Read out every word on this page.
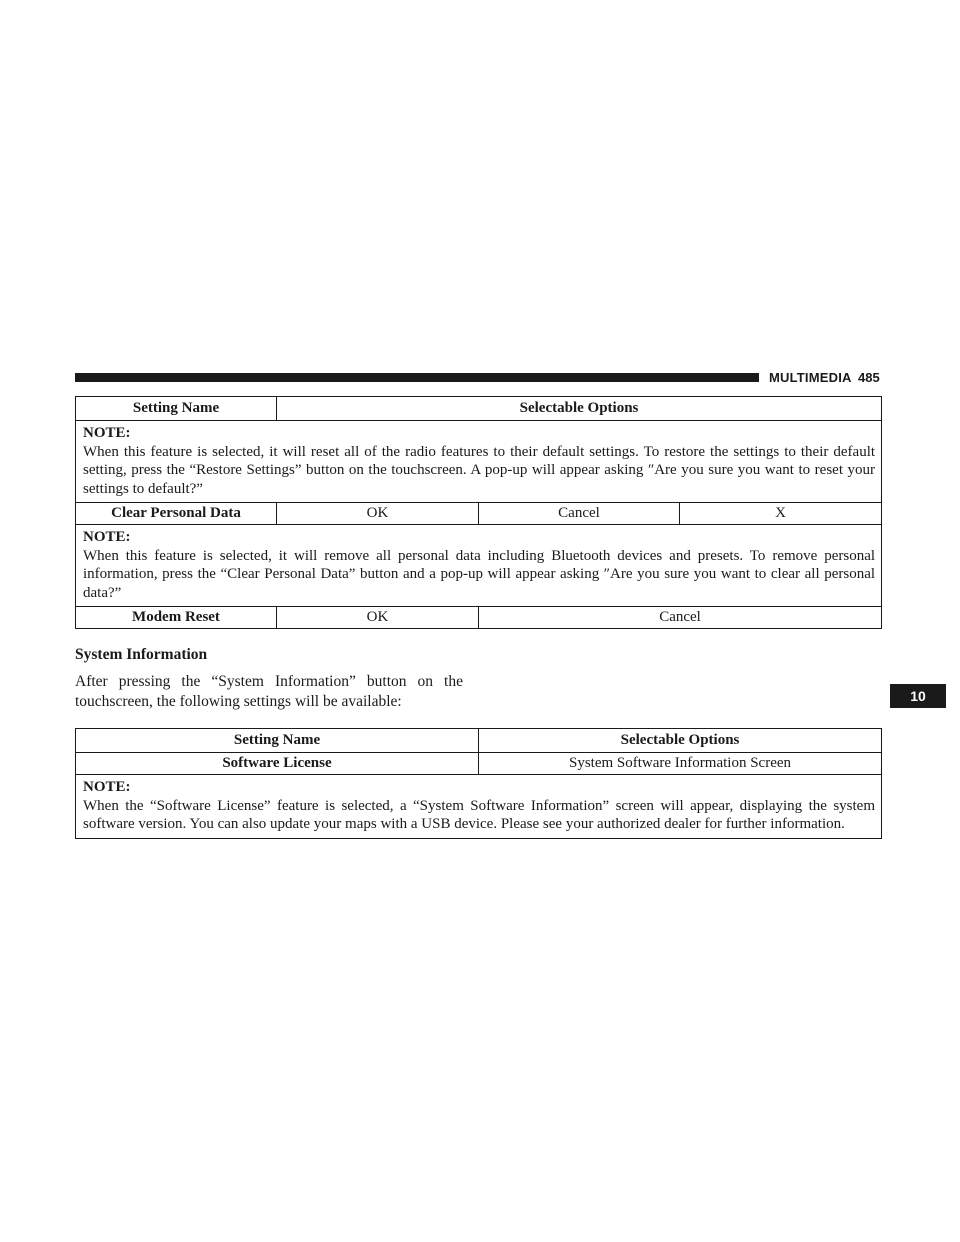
MULTIMEDIA 485
10
Setting Name	Selectable Options		

NOTE:
When this feature is selected, it will reset all of the radio features to their default settings. To restore the settings to their default setting, press the “Restore Settings” button on the touchscreen. A pop-up will appear asking ″Are you sure you want to reset your settings to default?”			

Clear Personal Data	OK	Cancel	X

NOTE:
When this feature is selected, it will remove all personal data including Bluetooth devices and presets. To remove personal information, press the “Clear Personal Data” button and a pop-up will appear asking ″Are you sure you want to clear all personal data?”			

Modem Reset	OK	Cancel	
System Information
After pressing the “System Information” button on the touchscreen, the following settings will be available:
Setting Name	Selectable Options
Software License	System Software Information Screen

NOTE:
When the “Software License” feature is selected, a “System Software Information” screen will appear, displaying the system software version. You can also update your maps with a USB device. Please see your authorized dealer for further information.	
